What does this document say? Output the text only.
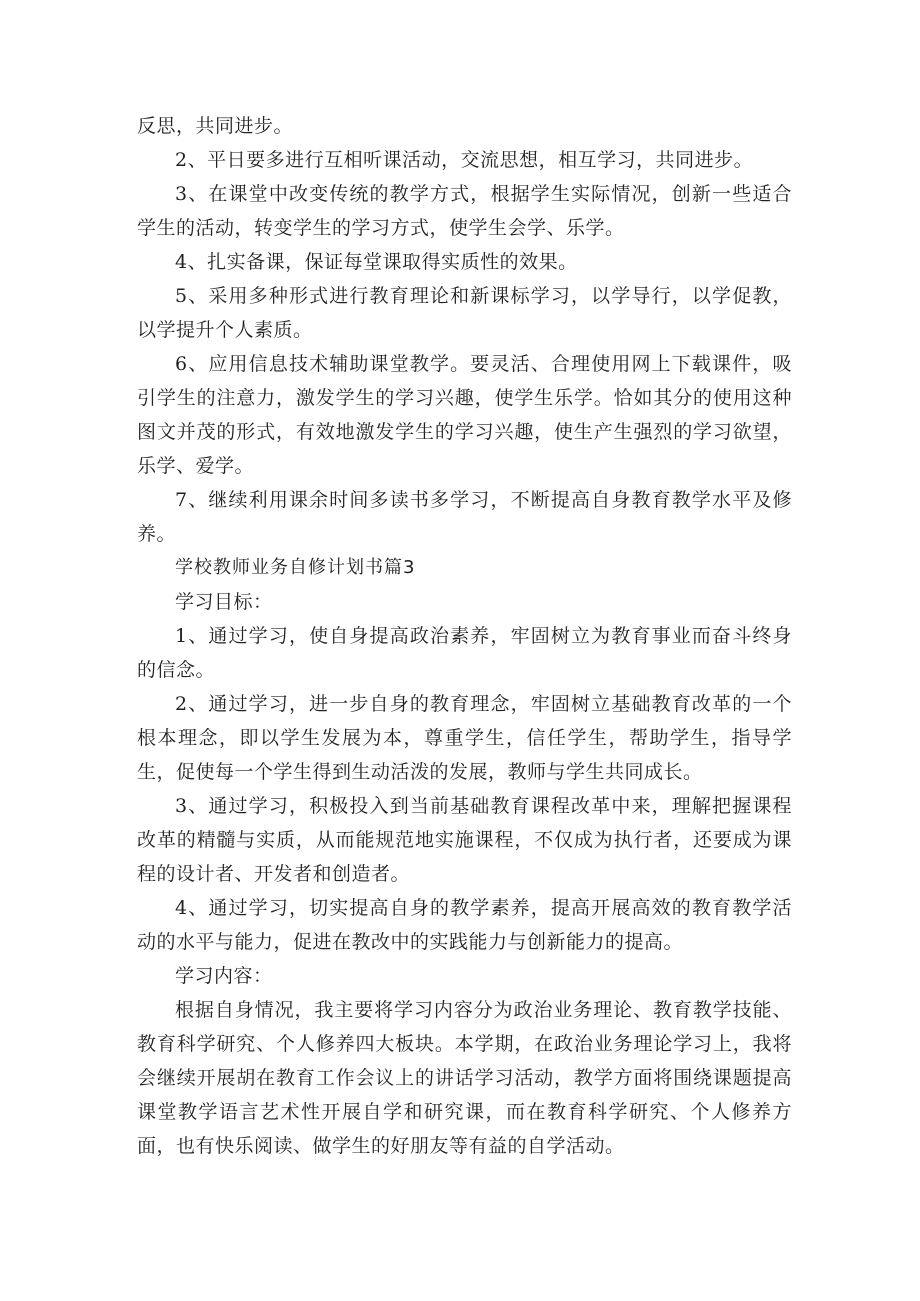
反思，共同进步。

2、平日要多进行互相听课活动，交流思想，相互学习，共同进步。

3、在课堂中改变传统的教学方式，根据学生实际情况，创新一些适合学生的活动，转变学生的学习方式，使学生会学、乐学。

4、扎实备课，保证每堂课取得实质性的效果。

5、采用多种形式进行教育理论和新课标学习，以学导行，以学促教，以学提升个人素质。

6、应用信息技术辅助课堂教学。要灵活、合理使用网上下载课件，吸引学生的注意力，激发学生的学习兴趣，使学生乐学。恰如其分的使用这种图文并茂的形式，有效地激发学生的学习兴趣，使生产生强烈的学习欲望，乐学、爱学。

7、继续利用课余时间多读书多学习，不断提高自身教育教学水平及修养。

学校教师业务自修计划书篇3

学习目标：

1、通过学习，使自身提高政治素养，牢固树立为教育事业而奋斗终身的信念。

2、通过学习，进一步自身的教育理念，牢固树立基础教育改革的一个根本理念，即以学生发展为本，尊重学生，信任学生，帮助学生，指导学生，促使每一个学生得到生动活泼的发展，教师与学生共同成长。

3、通过学习，积极投入到当前基础教育课程改革中来，理解把握课程改革的精髓与实质，从而能规范地实施课程，不仅成为执行者，还要成为课程的设计者、开发者和创造者。

4、通过学习，切实提高自身的教学素养，提高开展高效的教育教学活动的水平与能力，促进在教改中的实践能力与创新能力的提高。

学习内容：

根据自身情况，我主要将学习内容分为政治业务理论、教育教学技能、教育科学研究、个人修养四大板块。本学期，在政治业务理论学习上，我将会继续开展胡在教育工作会议上的讲话学习活动，教学方面将围绕课题提高课堂教学语言艺术性开展自学和研究课，而在教育科学研究、个人修养方面，也有快乐阅读、做学生的好朋友等有益的自学活动。
